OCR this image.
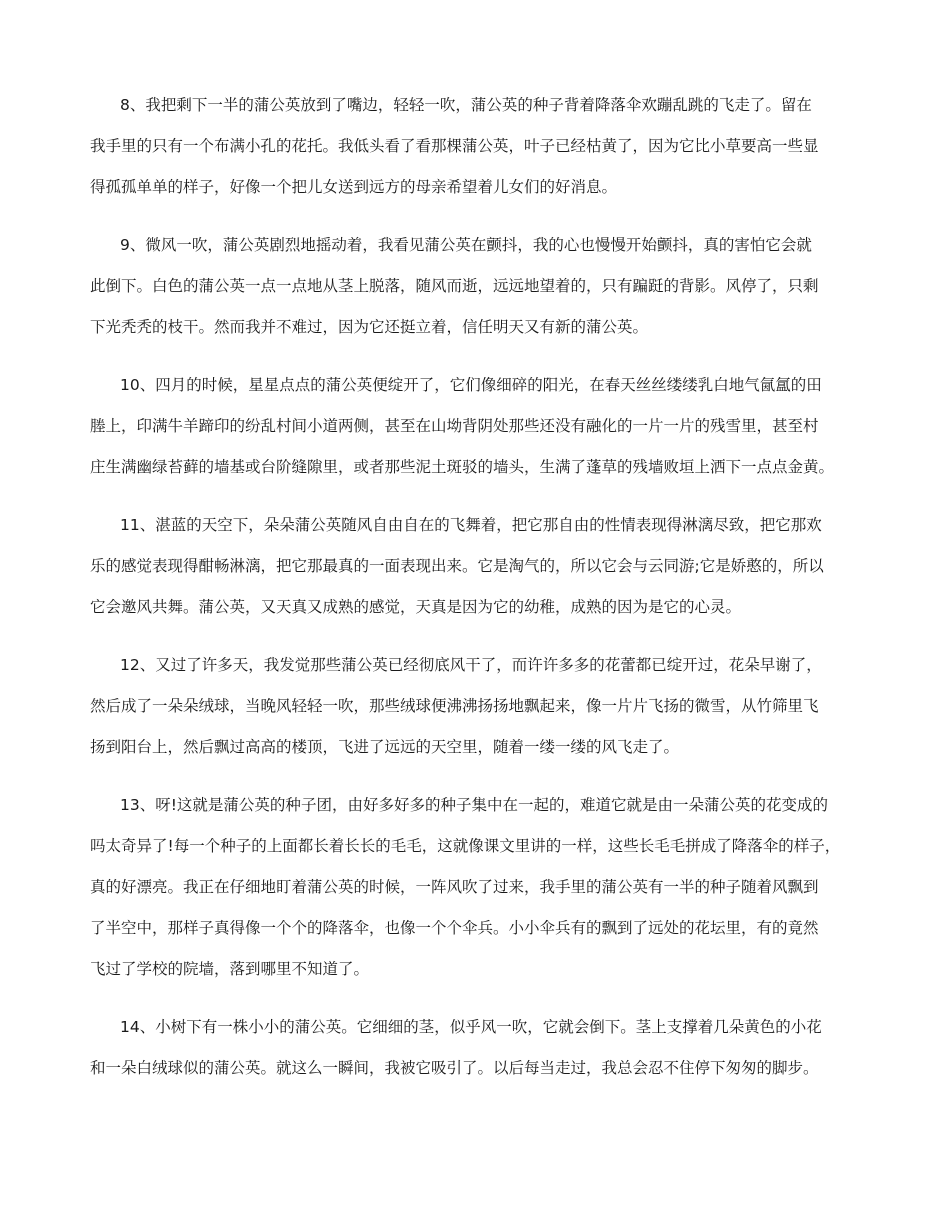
8、我把剩下一半的蒲公英放到了嘴边，轻轻一吹，蒲公英的种子背着降落伞欢蹦乱跳的飞走了。留在
我手里的只有一个布满小孔的花托。我低头看了看那棵蒲公英，叶子已经枯黄了，因为它比小草要高一些显
得孤孤单单的样子，好像一个把儿女送到远方的母亲希望着儿女们的好消息。
9、微风一吹，蒲公英剧烈地摇动着，我看见蒲公英在颤抖，我的心也慢慢开始颤抖，真的害怕它会就
此倒下。白色的蒲公英一点一点地从茎上脱落，随风而逝，远远地望着的，只有蹁跹的背影。风停了，只剩
下光秃秃的枝干。然而我并不难过，因为它还挺立着，信任明天又有新的蒲公英。
10、四月的时候，星星点点的蒲公英便绽开了，它们像细碎的阳光，在春天丝丝缕缕乳白地气氤氲的田
塍上，印满牛羊蹄印的纷乱村间小道两侧，甚至在山坳背阴处那些还没有融化的一片一片的残雪里，甚至村
庄生满幽绿苔藓的墙基或台阶缝隙里，或者那些泥土斑驳的墙头，生满了蓬草的残墙败垣上洒下一点点金黄。
11、湛蓝的天空下，朵朵蒲公英随风自由自在的飞舞着，把它那自由的性情表现得淋漓尽致，把它那欢
乐的感觉表现得酣畅淋漓，把它那最真的一面表现出来。它是淘气的，所以它会与云同游;它是娇憨的，所以
它会邀风共舞。蒲公英，又天真又成熟的感觉，天真是因为它的幼稚，成熟的因为是它的心灵。
12、又过了许多天，我发觉那些蒲公英已经彻底风干了，而许许多多的花蕾都已绽开过，花朵早谢了，
然后成了一朵朵绒球，当晚风轻轻一吹，那些绒球便沸沸扬扬地飘起来，像一片片飞扬的微雪，从竹筛里飞
扬到阳台上，然后飘过高高的楼顶，飞进了远远的天空里，随着一缕一缕的风飞走了。
13、呀!这就是蒲公英的种子团，由好多好多的种子集中在一起的，难道它就是由一朵蒲公英的花变成的
吗太奇异了!每一个种子的上面都长着长长的毛毛，这就像课文里讲的一样，这些长毛毛拼成了降落伞的样子，
真的好漂亮。我正在仔细地盯着蒲公英的时候，一阵风吹了过来，我手里的蒲公英有一半的种子随着风飘到
了半空中，那样子真得像一个个的降落伞，也像一个个伞兵。小小伞兵有的飘到了远处的花坛里，有的竟然
飞过了学校的院墙，落到哪里不知道了。
14、小树下有一株小小的蒲公英。它细细的茎，似乎风一吹，它就会倒下。茎上支撑着几朵黄色的小花
和一朵白绒球似的蒲公英。就这么一瞬间，我被它吸引了。以后每当走过，我总会忍不住停下匆匆的脚步。
